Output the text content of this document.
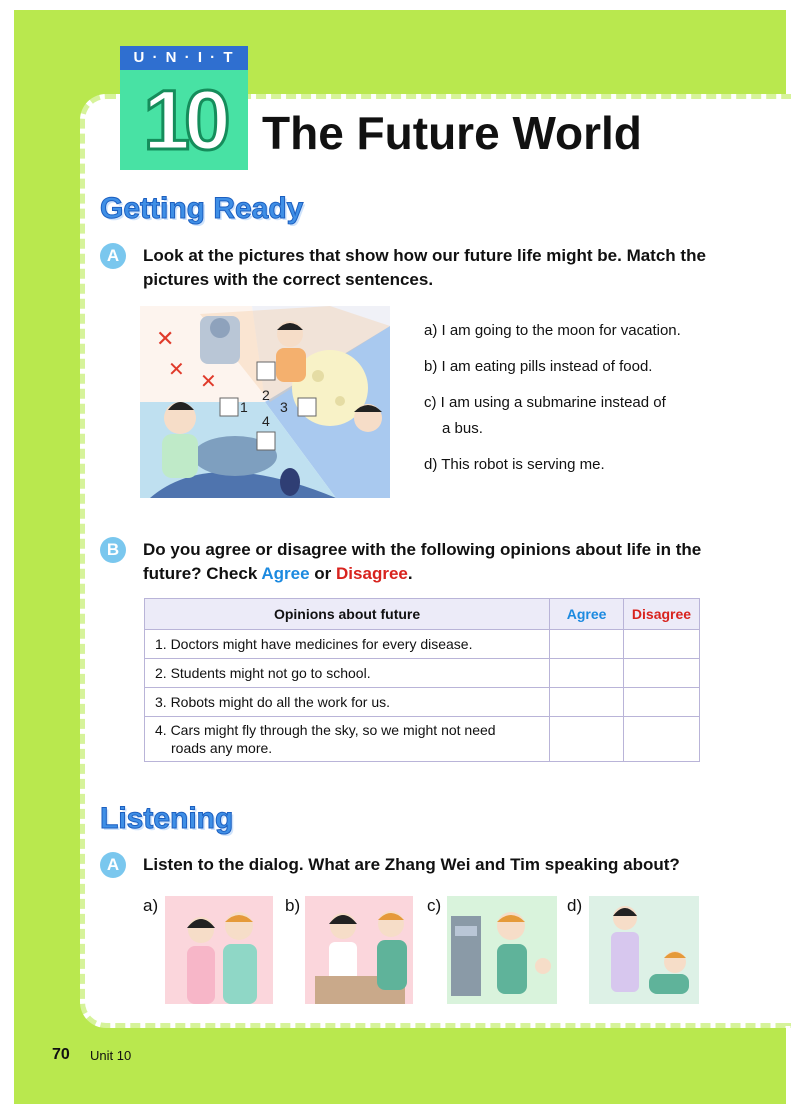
U · N · I · T
10 The Future World
Getting Ready
A	Look at the pictures that show how our future life might be. Match the pictures with the correct sentences.

✕
✕ ✕
1
2
3
4
a) I am going to the moon for vacation.
b) I am eating pills instead of food.
c) I am using a submarine instead of
a bus.
d) This robot is serving me.
B	Do you agree or disagree with the following opinions about life in the future? Check Agree or Disagree.

Opinions about future	Agree	Disagree
1. Doctors might have medicines for every disease.		
2. Students might not go to school.		
3. Robots might do all the work for us.		
4. Cars might fly through the sky, so we might not need
roads any more.		
Listening
A	Listen to the dialog. What are Zhang Wei and Tim speaking about?

a)	b)	c)	d)
70 Unit 10
